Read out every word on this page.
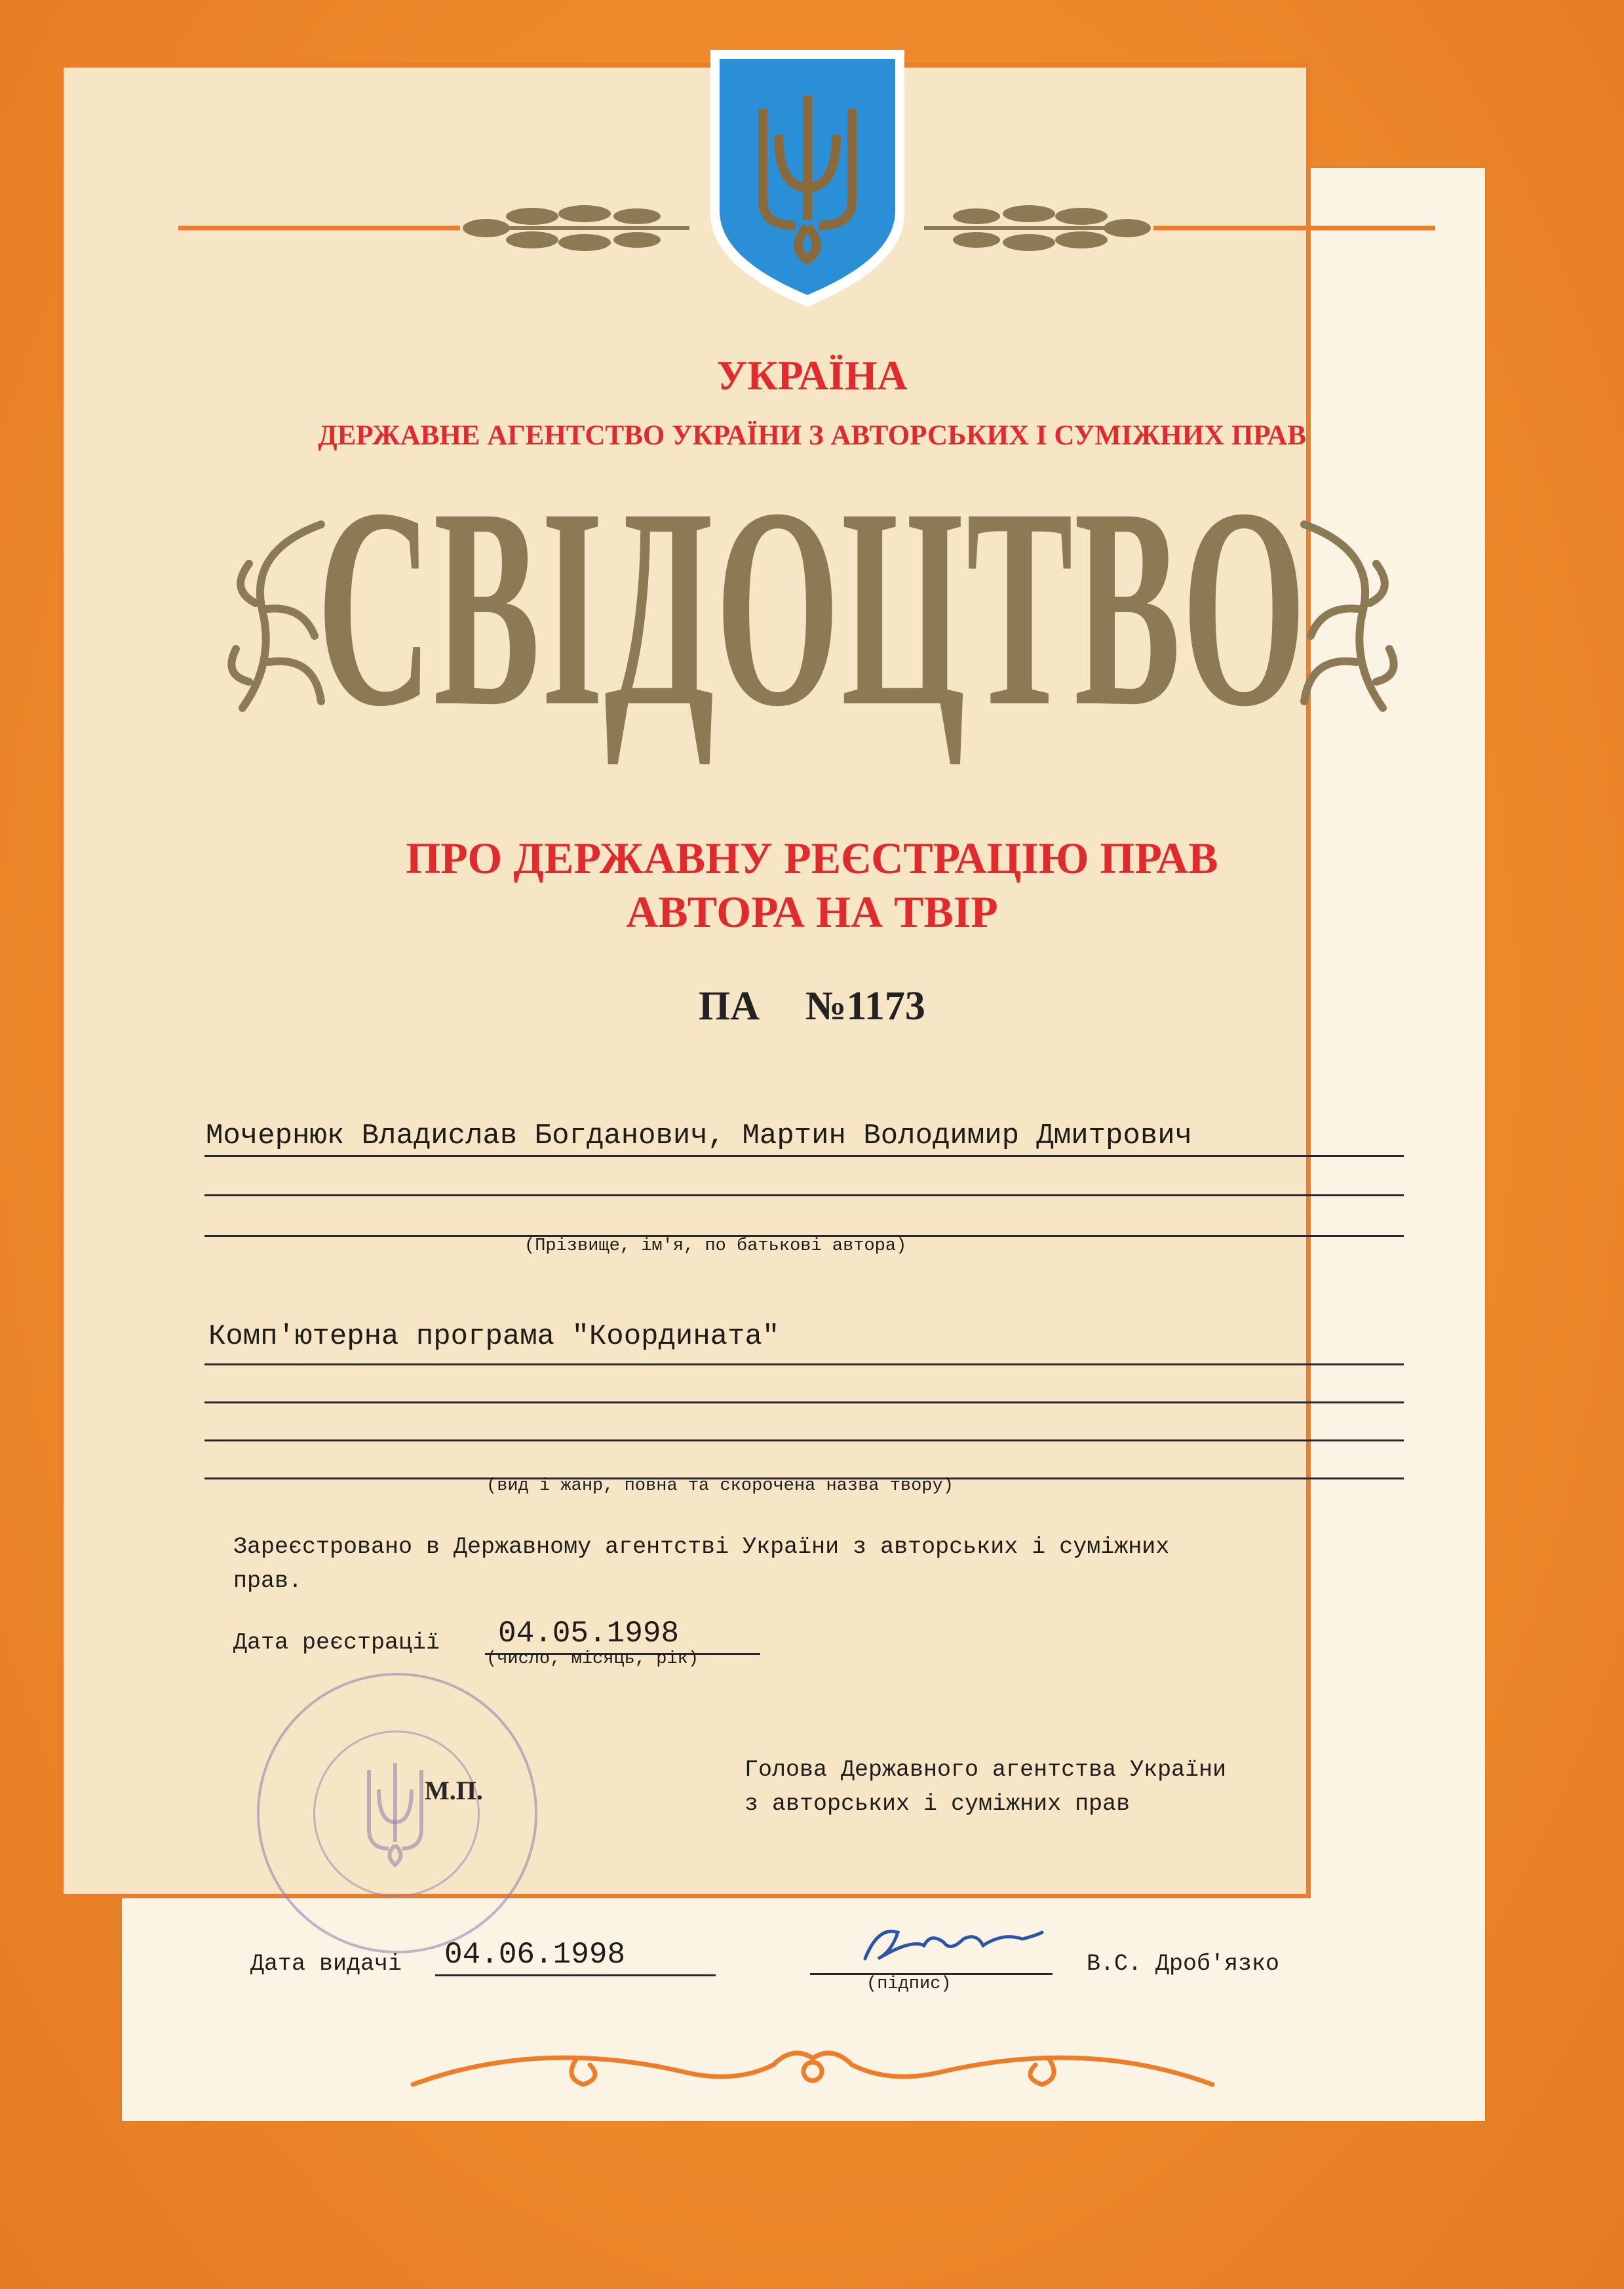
УКРАЇНА
ДЕРЖАВНЕ АГЕНТСТВО УКРАЇНИ З АВТОРСЬКИХ І СУМІЖНИХ ПРАВ
СВІДОЦТВО
ПРО ДЕРЖАВНУ РЕЄСТРАЦІЮ ПРАВ
АВТОРА НА ТВІР
ПА №1173
Мочернюк Владислав Богданович, Мартин Володимир Дмитрович
(Прізвище, ім'я, по батькові автора)
Комп'ютерна програма "Координата"
(вид і жанр, повна та скорочена назва твору)
Зареєстровано в Державному агентстві України з авторських і суміжних
прав.
Дата реєстрації 04.05.1998
(число, місяць, рік)
М.П.
Голова Державного агентства України
з авторських і суміжних прав
Дата видачі 04.06.1998
(підпис)
В.С. Дроб'язко
